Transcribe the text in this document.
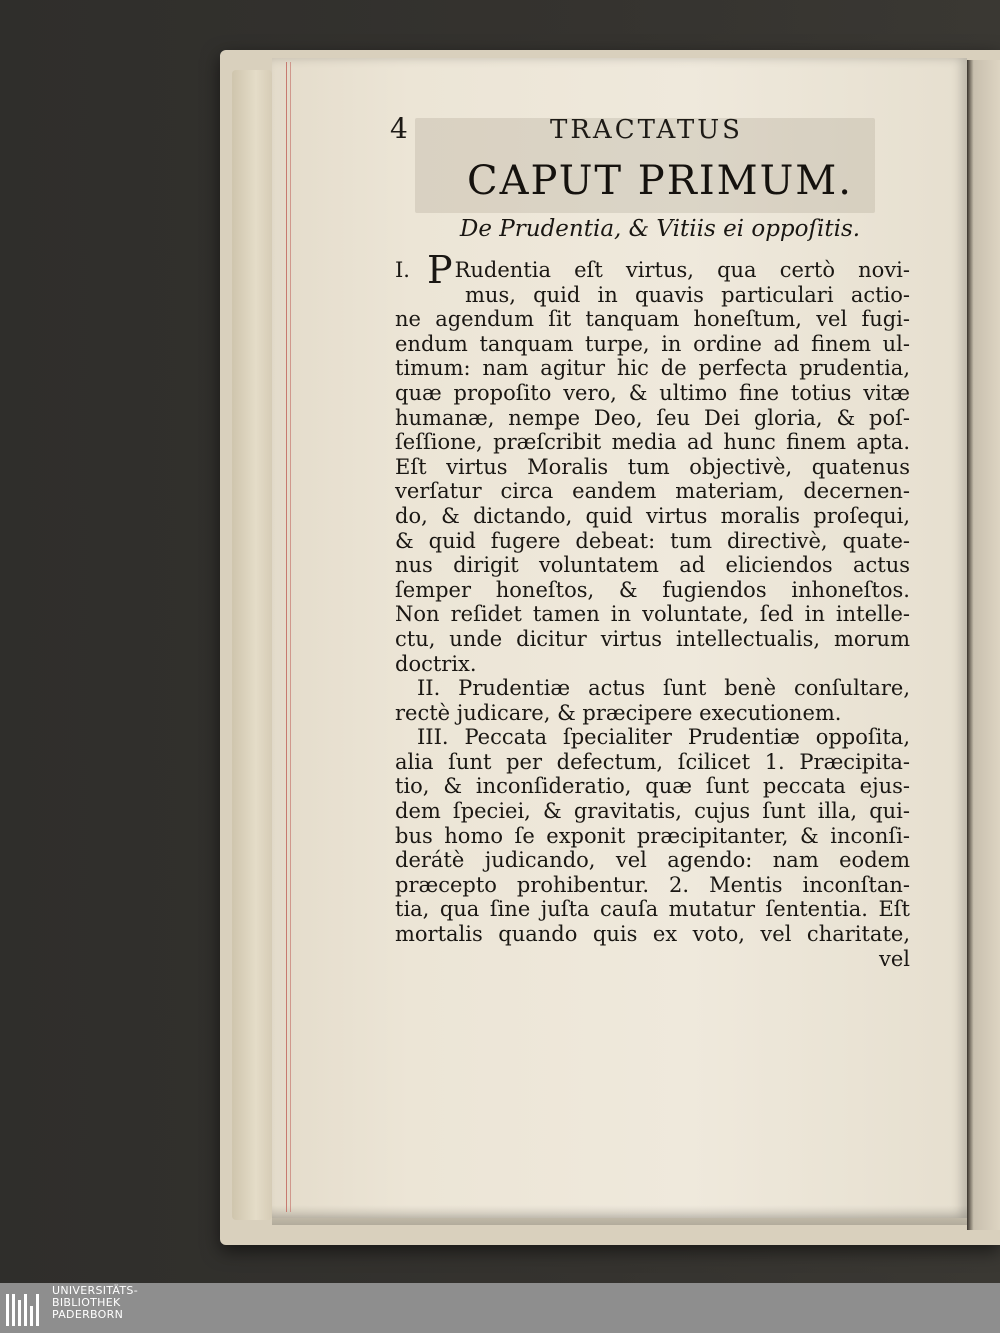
4	TRACTATUS
CAPUT PRIMUM.
De Prudentia, & Vitiis ei oppoſitis.
I. PRudentia eſt virtus, qua certò novi-
mus, quid in quavis particulari actio-
ne agendum ſit tanquam honeſtum, vel fugi-
endum tanquam turpe, in ordine ad finem ul-
timum: nam agitur hic de perfecta prudentia,
quæ propoſito vero, & ultimo fine totius vitæ
humanæ, nempe Deo, ſeu Dei gloria, & poſ-
ſeſſione, præſcribit media ad hunc finem apta.
Eſt virtus Moralis tum objectivè, quatenus
verſatur circa eandem materiam, decernen-
do, & dictando, quid virtus moralis proſequi,
& quid fugere debeat: tum directivè, quate-
nus dirigit voluntatem ad eliciendos actus
ſemper honeſtos, & fugiendos inhoneſtos.
Non reſidet tamen in voluntate, ſed in intelle-
ctu, unde dicitur virtus intellectualis, morum
doctrix.
II. Prudentiæ actus ſunt benè conſultare,
rectè judicare, & præcipere executionem.
III. Peccata ſpecialiter Prudentiæ oppoſita,
alia ſunt per defectum, ſcilicet 1. Præcipita-
tio, & inconſideratio, quæ ſunt peccata ejus-
dem ſpeciei, & gravitatis, cujus ſunt illa, qui-
bus homo ſe exponit præcipitanter, & inconſi-
derátè judicando, vel agendo: nam eodem
præcepto prohibentur. 2. Mentis inconſtan-
tia, qua ſine juſta cauſa mutatur ſententia. Eſt
mortalis quando quis ex voto, vel charitate,
vel
UNIVERSITÄTS-
BIBLIOTHEK
PADERBORN
